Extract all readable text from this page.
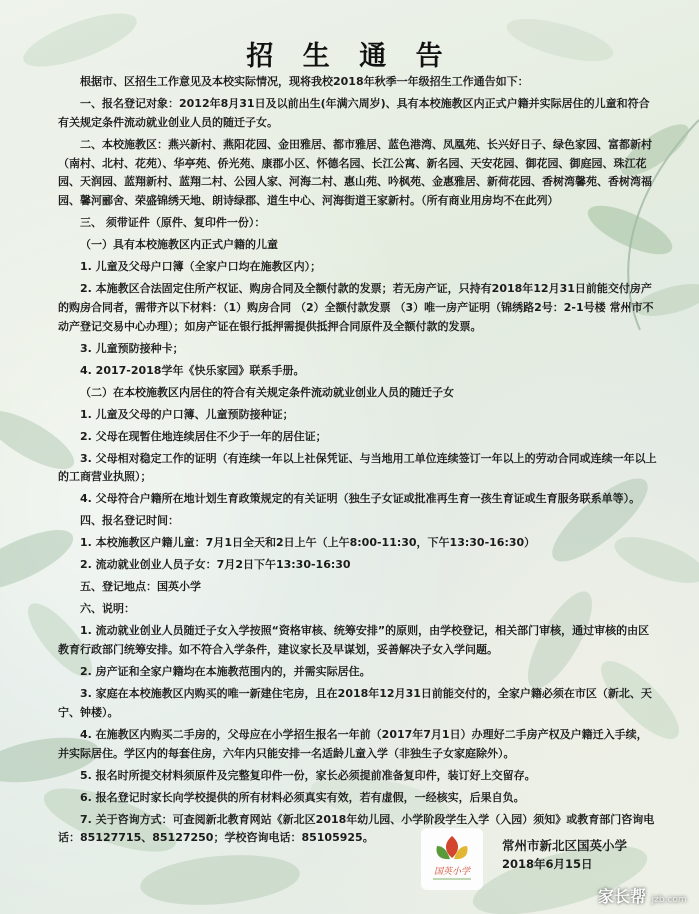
招 生 通 告

根据市、区招生工作意见及本校实际情况，现将我校2018年秋季一年级招生工作通告如下：

一、报名登记对象：2012年8月31日及以前出生(年满六周岁)、具有本校施教区内正式户籍并实际居住的儿童和符合有关规定条件流动就业创业人员的随迁子女。

二、本校施教区：燕兴新村、燕阳花园、金田雅居、都市雅居、蓝色港湾、凤凰苑、长兴好日子、绿色家园、富都新村（南村、北村、花苑）、华亭苑、侨光苑、康郡小区、怀德名园、长江公寓、新名园、天安花园、御花园、御庭园、珠江花园、天润园、蓝翔新村、蓝翔二村、公园人家、河海二村、惠山苑、吟枫苑、金惠雅居、新荷花园、香树湾馨苑、香树湾福园、馨河郦舍、荣盛锦绣天地、朗诗绿郡、道生中心、河海街道王家新村。（所有商业用房均不在此列）

三、 须带证件（原件、复印件一份）：

（一）具有本校施教区内正式户籍的儿童

1. 儿童及父母户口簿（全家户口均在施教区内）；

2. 本施教区合法固定住所产权证、购房合同及全额付款的发票；若无房产证，只持有2018年12月31日前能交付房产的购房合同者，需带齐以下材料：（1）购房合同 （2）全额付款发票 （3）唯一房产证明（锦绣路2号：2-1号楼 常州市不动产登记交易中心办理）；如房产证在银行抵押需提供抵押合同原件及全额付款的发票。

3. 儿童预防接种卡；

4. 2017-2018学年《快乐家园》联系手册。

（二）在本校施教区内居住的符合有关规定条件流动就业创业人员的随迁子女

1. 儿童及父母的户口簿、儿童预防接种证；

2. 父母在现暂住地连续居住不少于一年的居住证；

3. 父母相对稳定工作的证明（有连续一年以上社保凭证、与当地用工单位连续签订一年以上的劳动合同或连续一年以上的工商营业执照）；

4. 父母符合户籍所在地计划生育政策规定的有关证明（独生子女证或批准再生育一孩生育证或生育服务联系单等）。

四、报名登记时间：

1. 本校施教区户籍儿童：7月1日全天和2日上午（上午8:00-11:30，下午13:30-16:30）

2. 流动就业创业人员子女：7月2日下午13:30-16:30

五、登记地点：国英小学

六、说明：

1. 流动就业创业人员随迁子女入学按照“资格审核、统筹安排”的原则，由学校登记，相关部门审核，通过审核的由区教育行政部门统筹安排。如不符合入学条件，建议家长及早谋划，妥善解决子女入学问题。

2. 房产证和全家户籍均在本施教范围内的，并需实际居住。

3. 家庭在本校施教区内购买的唯一新建住宅房，且在2018年12月31日前能交付的，全家户籍必须在市区（新北、天宁、钟楼）。

4. 在施教区内购买二手房的，父母应在小学招生报名一年前（2017年7月1日）办理好二手房产权及户籍迁入手续，并实际居住。学区内的每套住房，六年内只能安排一名适龄儿童入学（非独生子女家庭除外）。

5. 报名时所提交材料须原件及完整复印件一份，家长必须提前准备复印件，装订好上交留存。

6. 报名登记时家长向学校提供的所有材料必须真实有效，若有虚假，一经核实，后果自负。

7. 关于咨询方式：可查阅新北教育网站《新北区2018年幼儿园、小学阶段学生入学（入园）须知》或教育部门咨询电话：85127715、85127250；学校咨询电话：85105925。

国英小学
常州市新北区国英小学
2018年6月15日
家长帮 jzb.com
